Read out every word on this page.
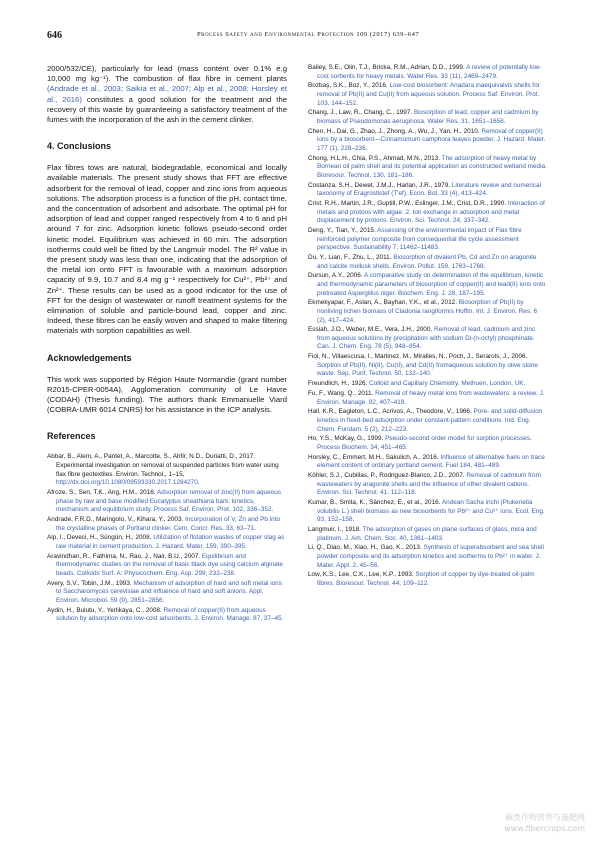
646	Process Safety and Environmental Protection 109 (2017) 639–647

2000/532/CE), particularly for lead (mass content over 0.1% e.g 10,000 mg kg⁻¹). The combustion of flax fibre in cement plants (Andrade et al., 2003; Saikia et al., 2007; Alp et al., 2008; Horsley et al., 2016) constitutes a good solution for the treatment and the recovery of this waste by guaranteeing a satisfactory treatment of the fumes with the incorporation of the ash in the cement clinker.

4. Conclusions

Flax fibres tows are natural, biodegradable, economical and locally available materials. The present study shows that FFT are effective adsorbent for the removal of lead, copper and zinc ions from aqueous solutions. The adsorption process is a function of the pH, contact time, and the concentration of adsorbent and adsorbate. The optimal pH for adsorption of lead and copper ranged respectively from 4 to 6 and pH around 7 for zinc. Adsorption kinetic follows pseudo-second order kinetic model. Equilibrium was achieved in 60 min. The adsorption isotherms could well be fitted by the Langmuir model. The R² value in the present study was less than one, indicating that the adsorption of the metal ion onto FFT is favourable with a maximum adsorption capacity of 9.9, 10.7 and 8.4 mg g⁻¹ respectively for Cu²⁺, Pb²⁺ and Zn²⁺. These results can be used as a good indicator for the use of FFT for the design of wastewater or runoff treatment systems for the elimination of soluble and particle-bound lead, copper and zinc. Indeed, these fibres can be easily woven and shaped to make filtering materials with sorption capabilities as well.

Acknowledgements

This work was supported by Région Haute Normandie (grant number R2015-CPER-0054A), Agglomeration community of Le Havre (CODAH) (Thesis funding). The authors thank Emmanuelle Viard (COBRA-UMR 6014 CNRS) for his assistance in the ICP analysis.

References

Abbar, B., Alem, A., Pantet, A., Marcotte, S., Ahfir, N.D., Duriatti, D., 2017. Experimental investigation on removal of suspended particles from water using flax fibre geotextiles. Environ. Technol., 1–15, http://dx.doi.org/10.1080/09593330.2017.1284270.

Afroze, S., Sen, T.K., Ang, H.M., 2016. Adsorption removal of zinc(II) from aqueous phase by raw and base modified Eucalyptus sheathiana bark: kinetics, mechanism and equilibrium study. Process Saf. Environ. Prot. 102, 336–352.

Andrade, F.R.D., Maringolo, V., Kihara, Y., 2003. Incorporation of V, Zn and Pb into the crystalline phases of Portland clinker. Cem. Concr. Res. 33, 63–71.

Alp, I., Deveci, H., Süngün, H., 2008. Utilization of flotation wastes of copper slag as raw material in cement production. J. Hazard. Mater. 159, 390–395.

Aravindhan, R., Fathima, N., Rao, J., Nair, B.U., 2007. Equilibrium and thermodynamic studies on the removal of basic black dye using calcium alginate beads. Colloids Surf. A: Physicochem. Eng. Asp. 299, 232–238.

Avery, S.V., Tobin, J.M., 1993. Mechanism of adsorption of hard and soft metal ions to Saccharomyces cerevisiae and influence of hard and soft anions. Appl. Environ. Microbiol. 59 (9), 2851–2856.

Aydin, H., Bulutu, Y., Yerlikaya, C., 2008. Removal of copper(II) from aqueous solution by adsorption onto low-cost adsorbents. J. Environ. Manage. 87, 37–45.

Bailey, S.E., Olin, T.J., Bricka, R.M., Adrian, D.D., 1999. A review of potentially low-cost sorbents for heavy metals. Water Res. 33 (11), 2469–2479.

Bozbaş, S.K., Boz, Y., 2016. Low-cost biosorbent: Anadara inaequivalvis shells for removal of Pb(II) and Cu(II) from aqueous solution. Process Saf. Environ. Prot. 103, 144–152.

Chang, J., Law, R., Chang, C., 1997. Biosorption of lead, copper and cadmium by biomass of Pseudomonas aeruginosa. Water Res. 31, 1651–1658.

Chen, H., Dai, G., Zhao, J., Zhong, A., Wu, J., Yan, H., 2010. Removal of copper(II) ions by a biosorbent—Cinnamomum camphora leaves powder. J. Hazard. Mater. 177 (1), 228–236.

Chong, H.L.H., Chia, P.S., Ahmad, M.N., 2013. The adsorption of heavy metal by Bornean oil palm shell and its potential application as constructed wetland media. Bioresour. Technol. 130, 181–186.

Costanza, S.H., Dewet, J.M.J., Harlan, J.R., 1979. Literature review and numerical taxonomy of Eragrostistef (T'ef). Econ. Bot. 33 (4), 413–424.

Crist, R.H., Martin, J.R., Guptill, P.W., Eslinger, J.M., Crist, D.R., 1990. Interaction of metals and protons with algae. 2. Ion exchange in adsorption and metal displacement by protons. Environ. Sci. Technol. 24, 337–342.

Deng, Y., Tian, Y., 2015. Assessing of the environmental impact of Flax fibre reinforced polymer composite from consequential life cycle assessment perspective. Sustainability 7, 11462–11483.

Du, Y., Lian, F., Zhu, L., 2011. Biosorption of divalent Pb, Cd and Zn on aragonite and calcite mollusk shells. Environ. Pollut. 159, 1763–1768.

Dursun, A.Y., 2006. A comparative study on determination of the equilibrium, kinetic and thermodynamic parameters of biosorption of copper(II) and lead(II) ions onto pretreated Aspergillus niger. Biochem. Eng. J. 28, 187–195.

Ekmekyapar, F., Aslan, A., Bayhan, Y.K., et al., 2012. Biosorption of Pb(II) by nonliving lichen biomass of Cladonia rangiformis Hoffm. Int. J. Environ. Res. 6 (2), 417–424.

Essiah, J.O., Weber, M.E., Vera, J.H., 2000. Removal of lead, cadmium and zinc from aqueous solutions by precipitation with sodium Di-(n-octyl) phosphinate. Can. J. Chem. Eng. 78 (5), 948–954.

Fiol, N., Villaescusa, I., Martinez, M., Miralles, N., Poch, J., Serarols, J., 2006. Sorption of Pb(II), Ni(II), Cu(II), and Cd(II) fromaqueous solution by olive stone waste. Sep. Purif. Technol. 50, 132–140.

Freundlich, H., 1926. Colloid and Capillary Chemistry. Methuen, London, UK.

Fu, F., Wang, Q., 2011. Removal of heavy metal ions from wastewaters: a review. J. Environ. Manage. 92, 407–418.

Hall, K.R., Eagleton, L.C., Acrivos, A., Theodore, V., 1966. Pore- and solid-diffusion kinetics in fixed-bed adsorption under constant-pattern conditions. Ind. Eng. Chem. Fundam. 5 (2), 212–223.

Ho, Y.S., McKay, G., 1999. Pseudo-second order model for sorption processes. Process Biochem. 34, 451–465.

Horsley, C., Emmert, M.H., Sakulich, A., 2016. Influence of alternative fuels on trace element content of ordinary portland cement. Fuel 184, 481–489.

Köhler, S.J., Cubillas, P., Rodriguez-Blanco, J.D., 2007. Removal of cadmium from wastewaters by aragonite shells and the influence of other divalent cations. Environ. Sci. Technol. 41, 112–118.

Kumar, B., Smita, K., Sánchez, E., et al., 2016. Andean Sacha inchi (Plukenetia volubilis L.) shell biomass as new biosorbents for Pb²⁺ and Cu²⁺ ions. Ecol. Eng. 93, 152–158.

Langmuir, I., 1918. The adsorption of gases on plane surfaces of glass, mica and platinum. J. Am. Chem. Soc. 40, 1361–1403.

Li, Q., Diao, M., Xiao, H., Gao, K., 2013. Synthesis of superabsorbent and sea shell powder composite and its adsorption kinetics and isotherms to Pb²⁺ in water. J. Mater. Appl. 2, 45–56.

Low, K.S., Lee, C.K., Lee, K.P., 1993. Sorption of copper by dye-treated oil-palm fibres. Bioresour. Technol. 44, 109–112.

麻类作物营养与施肥网
www.fibercrops.com
